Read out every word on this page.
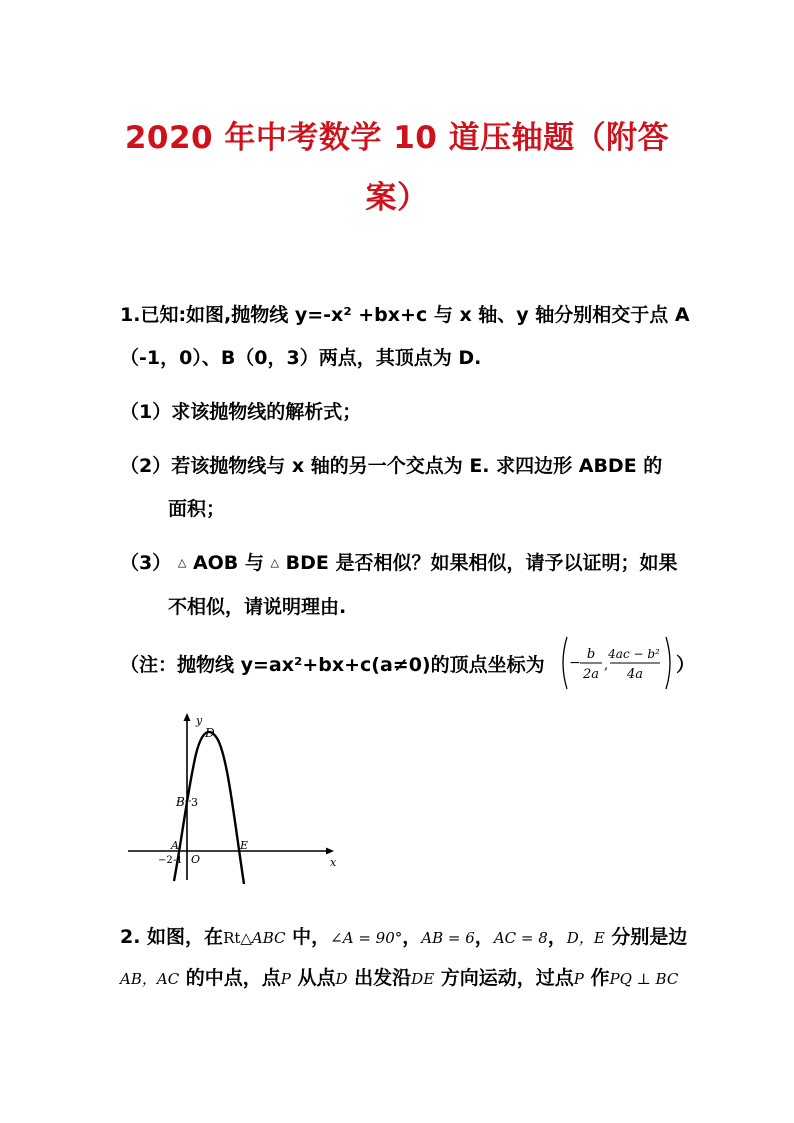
2020 年中考数学 10 道压轴题（附答
案）
1.已知:如图,抛物线 y=-x² +bx+c 与 x 轴、y 轴分别相交于点 A
（-1，0）、B（0，3）两点，其顶点为 D.
（1）求该抛物线的解析式；
（2）若该抛物线与 x 轴的另一个交点为 E. 求四边形 ABDE 的
面积；
（3） △ AOB 与 △ BDE 是否相似？如果相似，请予以证明；如果
不相似，请说明理由.
（注：抛物线 y=ax²+bx+c(a≠0)的顶点坐标为 −
b
2a
,
4ac − b²
4a ）
y
x
D
B 3
A
−2 -1 O
E
2. 如图，在Rt△ABC 中，∠A = 90°，AB = 6，AC = 8，D，E 分别是边
AB，AC 的中点，点P 从点D 出发沿DE 方向运动，过点P 作PQ ⊥ BC
